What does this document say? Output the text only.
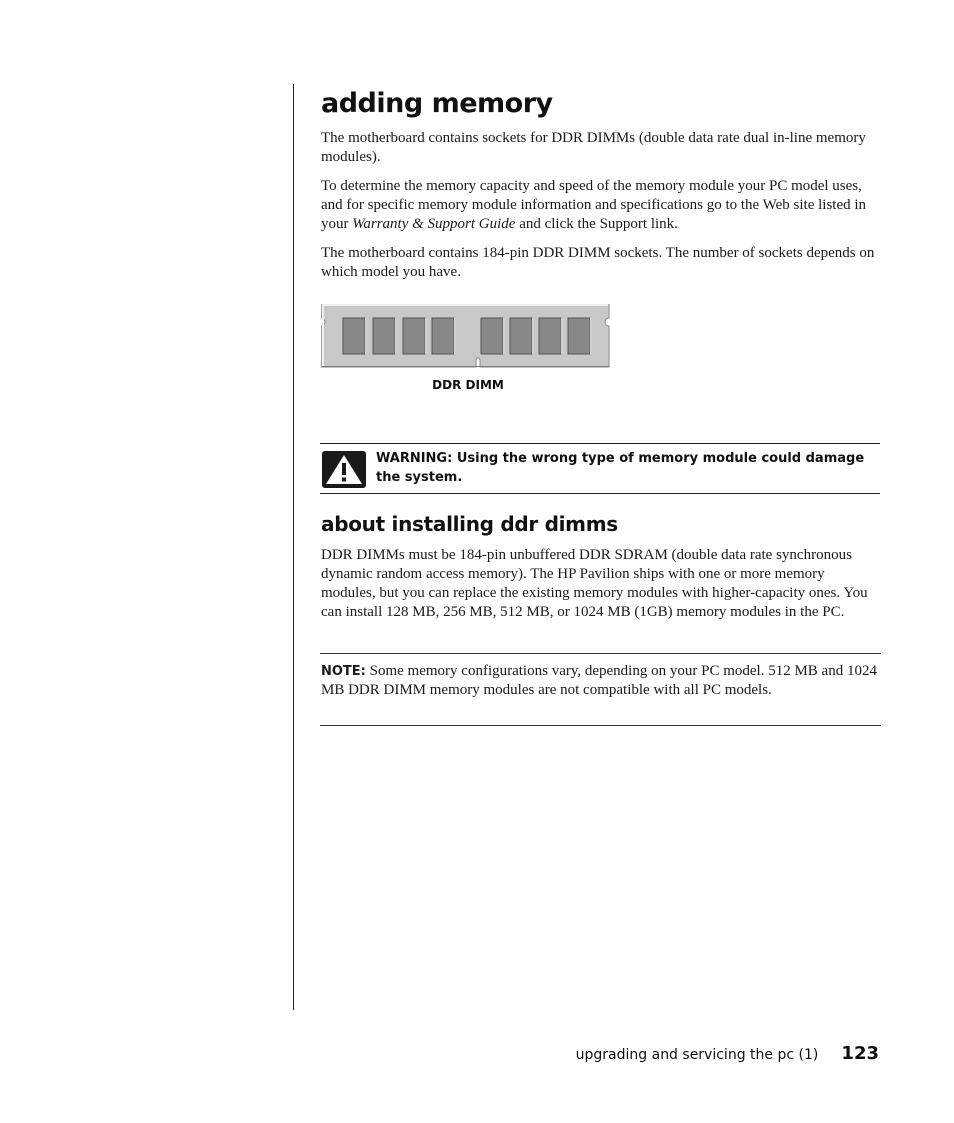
adding memory

The motherboard contains sockets for DDR DIMMs (double data rate dual in-line memory modules).

To determine the memory capacity and speed of the memory module your PC model uses, and for specific memory module information and specifications go to the Web site listed in your Warranty & Support Guide and click the Support link.

The motherboard contains 184-pin DDR DIMM sockets. The number of sockets depends on which model you have.

DDR DIMM
WARNING: Using the wrong type of memory module could damage the system.
about installing ddr dimms

DDR DIMMs must be 184-pin unbuffered DDR SDRAM (double data rate synchronous dynamic random access memory). The HP Pavilion ships with one or more memory modules, but you can replace the existing memory modules with higher-capacity ones. You can install 128 MB, 256 MB, 512 MB, or 1024 MB (1GB) memory modules in the PC.

NOTE: Some memory configurations vary, depending on your PC model. 512 MB and 1024 MB DDR DIMM memory modules are not compatible with all PC models.
upgrading and servicing the pc (1) 123
